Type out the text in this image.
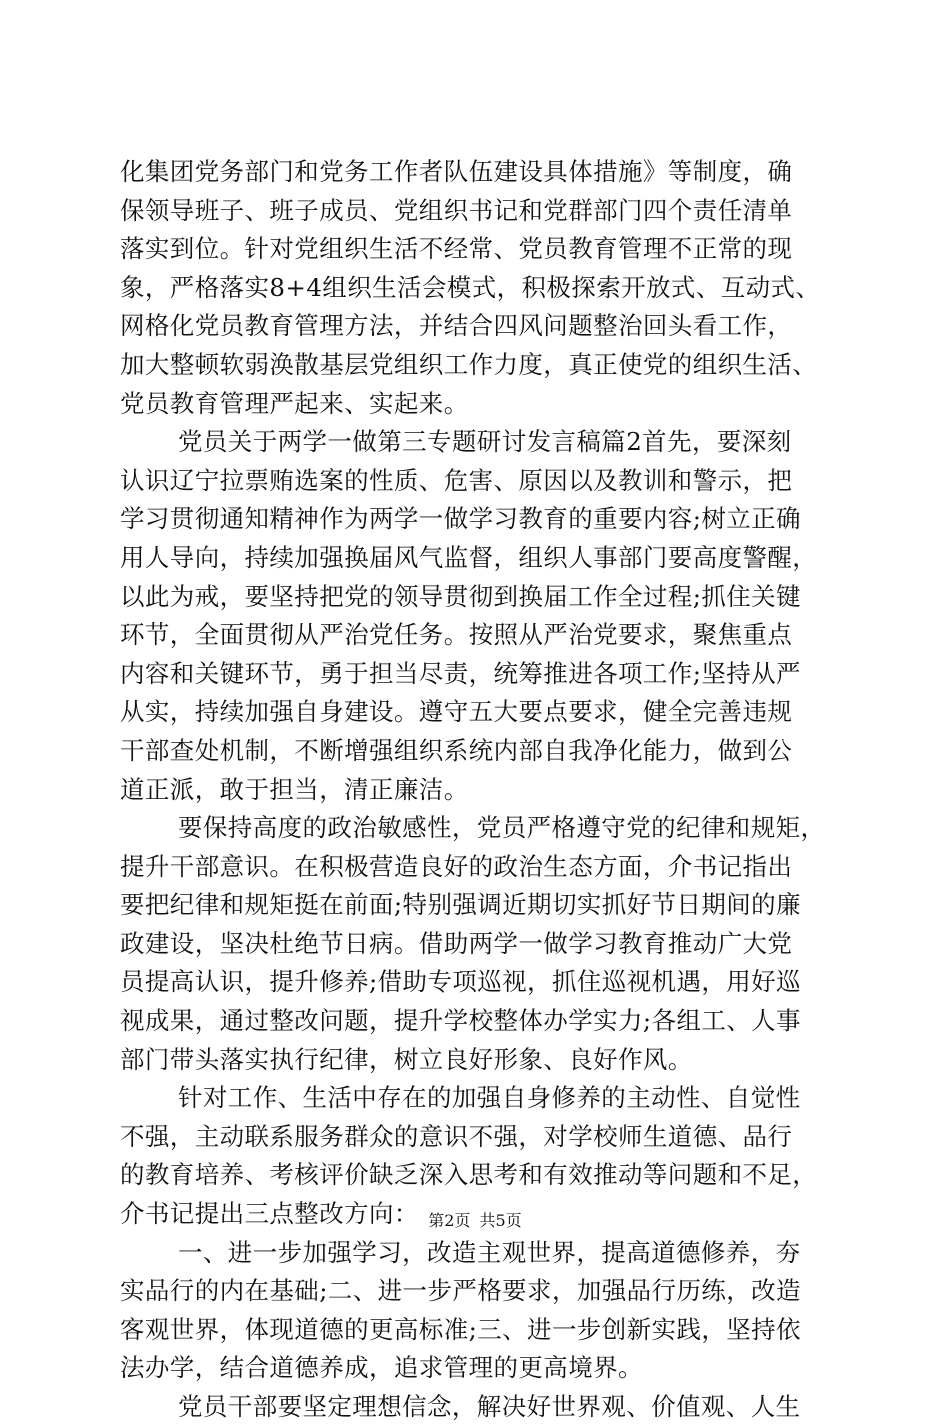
化集团党务部门和党务工作者队伍建设具体措施》等制度，确
保领导班子、班子成员、党组织书记和党群部门四个责任清单
落实到位。针对党组织生活不经常、党员教育管理不正常的现
象，严格落实8+4组织生活会模式，积极探索开放式、互动式、
网格化党员教育管理方法，并结合四风问题整治回头看工作，
加大整顿软弱涣散基层党组织工作力度，真正使党的组织生活、
党员教育管理严起来、实起来。
党员关于两学一做第三专题研讨发言稿篇2首先，要深刻
认识辽宁拉票贿选案的性质、危害、原因以及教训和警示，把
学习贯彻通知精神作为两学一做学习教育的重要内容;树立正确
用人导向，持续加强换届风气监督，组织人事部门要高度警醒，
以此为戒，要坚持把党的领导贯彻到换届工作全过程;抓住关键
环节，全面贯彻从严治党任务。按照从严治党要求，聚焦重点
内容和关键环节，勇于担当尽责，统筹推进各项工作;坚持从严
从实，持续加强自身建设。遵守五大要点要求，健全完善违规
干部查处机制，不断增强组织系统内部自我净化能力，做到公
道正派，敢于担当，清正廉洁。
要保持高度的政治敏感性，党员严格遵守党的纪律和规矩，
提升干部意识。在积极营造良好的政治生态方面，介书记指出
要把纪律和规矩挺在前面;特别强调近期切实抓好节日期间的廉
政建设，坚决杜绝节日病。借助两学一做学习教育推动广大党
员提高认识，提升修养;借助专项巡视，抓住巡视机遇，用好巡
视成果，通过整改问题，提升学校整体办学实力;各组工、人事
部门带头落实执行纪律，树立良好形象、良好作风。
针对工作、生活中存在的加强自身修养的主动性、自觉性
不强，主动联系服务群众的意识不强，对学校师生道德、品行
的教育培养、考核评价缺乏深入思考和有效推动等问题和不足，
介书记提出三点整改方向：
一、进一步加强学习，改造主观世界，提高道德修养，夯
实品行的内在基础;二、进一步严格要求，加强品行历练，改造
客观世界，体现道德的更高标准;三、进一步创新实践，坚持依
法办学，结合道德养成，追求管理的更高境界。
党员干部要坚定理想信念，解决好世界观、价值观、人生
第2页 共5页
